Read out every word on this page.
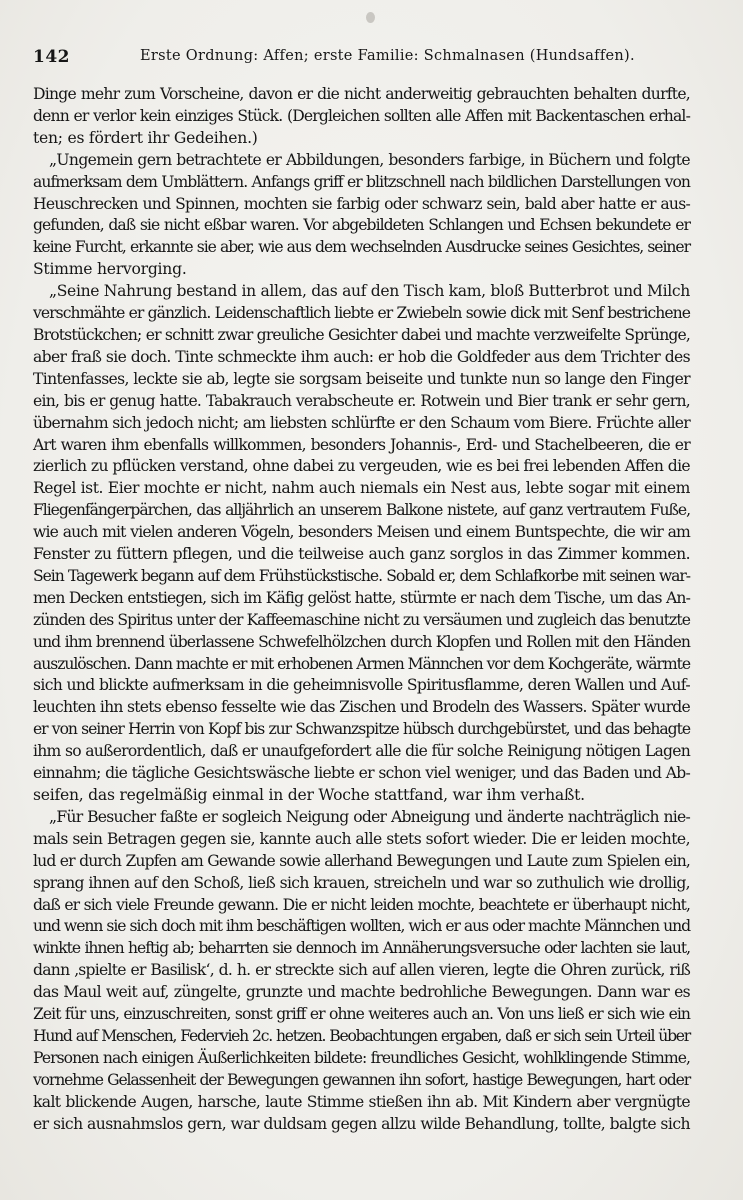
142	Erste Ordnung: Affen; erste Familie: Schmalnasen (Hundsaffen).
Dinge mehr zum Vorscheine, davon er die nicht anderweitig gebrauchten behalten durfte,
denn er verlor kein einziges Stück. (Dergleichen sollten alle Affen mit Backentaschen erhal-
ten; es fördert ihr Gedeihen.)
„Ungemein gern betrachtete er Abbildungen, besonders farbige, in Büchern und folgte
aufmerksam dem Umblättern. Anfangs griff er blitzschnell nach bildlichen Darstellungen von
Heuschrecken und Spinnen, mochten sie farbig oder schwarz sein, bald aber hatte er aus-
gefunden, daß sie nicht eßbar waren. Vor abgebildeten Schlangen und Echsen bekundete er
keine Furcht, erkannte sie aber, wie aus dem wechselnden Ausdrucke seines Gesichtes, seiner
Stimme hervorging.
„Seine Nahrung bestand in allem, das auf den Tisch kam, bloß Butterbrot und Milch
verschmähte er gänzlich. Leidenschaftlich liebte er Zwiebeln sowie dick mit Senf bestrichene
Brotstückchen; er schnitt zwar greuliche Gesichter dabei und machte verzweifelte Sprünge,
aber fraß sie doch. Tinte schmeckte ihm auch: er hob die Goldfeder aus dem Trichter des
Tintenfasses, leckte sie ab, legte sie sorgsam beiseite und tunkte nun so lange den Finger
ein, bis er genug hatte. Tabakrauch verabscheute er. Rotwein und Bier trank er sehr gern,
übernahm sich jedoch nicht; am liebsten schlürfte er den Schaum vom Biere. Früchte aller
Art waren ihm ebenfalls willkommen, besonders Johannis-, Erd- und Stachelbeeren, die er
zierlich zu pflücken verstand, ohne dabei zu vergeuden, wie es bei frei lebenden Affen die
Regel ist. Eier mochte er nicht, nahm auch niemals ein Nest aus, lebte sogar mit einem
Fliegenfängerpärchen, das alljährlich an unserem Balkone nistete, auf ganz vertrautem Fuße,
wie auch mit vielen anderen Vögeln, besonders Meisen und einem Buntspechte, die wir am
Fenster zu füttern pflegen, und die teilweise auch ganz sorglos in das Zimmer kommen.
Sein Tagewerk begann auf dem Frühstückstische. Sobald er, dem Schlafkorbe mit seinen war-
men Decken entstiegen, sich im Käfig gelöst hatte, stürmte er nach dem Tische, um das An-
zünden des Spiritus unter der Kaffeemaschine nicht zu versäumen und zugleich das benutzte
und ihm brennend überlassene Schwefelhölzchen durch Klopfen und Rollen mit den Händen
auszulöschen. Dann machte er mit erhobenen Armen Männchen vor dem Kochgeräte, wärmte
sich und blickte aufmerksam in die geheimnisvolle Spiritusflamme, deren Wallen und Auf-
leuchten ihn stets ebenso fesselte wie das Zischen und Brodeln des Wassers. Später wurde
er von seiner Herrin von Kopf bis zur Schwanzspitze hübsch durchgebürstet, und das behagte
ihm so außerordentlich, daß er unaufgefordert alle die für solche Reinigung nötigen Lagen
einnahm; die tägliche Gesichtswäsche liebte er schon viel weniger, und das Baden und Ab-
seifen, das regelmäßig einmal in der Woche stattfand, war ihm verhaßt.
„Für Besucher faßte er sogleich Neigung oder Abneigung und änderte nachträglich nie-
mals sein Betragen gegen sie, kannte auch alle stets sofort wieder. Die er leiden mochte,
lud er durch Zupfen am Gewande sowie allerhand Bewegungen und Laute zum Spielen ein,
sprang ihnen auf den Schoß, ließ sich krauen, streicheln und war so zuthulich wie drollig,
daß er sich viele Freunde gewann. Die er nicht leiden mochte, beachtete er überhaupt nicht,
und wenn sie sich doch mit ihm beschäftigen wollten, wich er aus oder machte Männchen und
winkte ihnen heftig ab; beharrten sie dennoch im Annäherungsversuche oder lachten sie laut,
dann ‚spielte er Basilisk‘, d. h. er streckte sich auf allen vieren, legte die Ohren zurück, riß
das Maul weit auf, züngelte, grunzte und machte bedrohliche Bewegungen. Dann war es
Zeit für uns, einzuschreiten, sonst griff er ohne weiteres auch an. Von uns ließ er sich wie ein
Hund auf Menschen, Federvieh 2c. hetzen. Beobachtungen ergaben, daß er sich sein Urteil über
Personen nach einigen Äußerlichkeiten bildete: freundliches Gesicht, wohlklingende Stimme,
vornehme Gelassenheit der Bewegungen gewannen ihn sofort, hastige Bewegungen, hart oder
kalt blickende Augen, harsche, laute Stimme stießen ihn ab. Mit Kindern aber vergnügte
er sich ausnahmslos gern, war duldsam gegen allzu wilde Behandlung, tollte, balgte sich
